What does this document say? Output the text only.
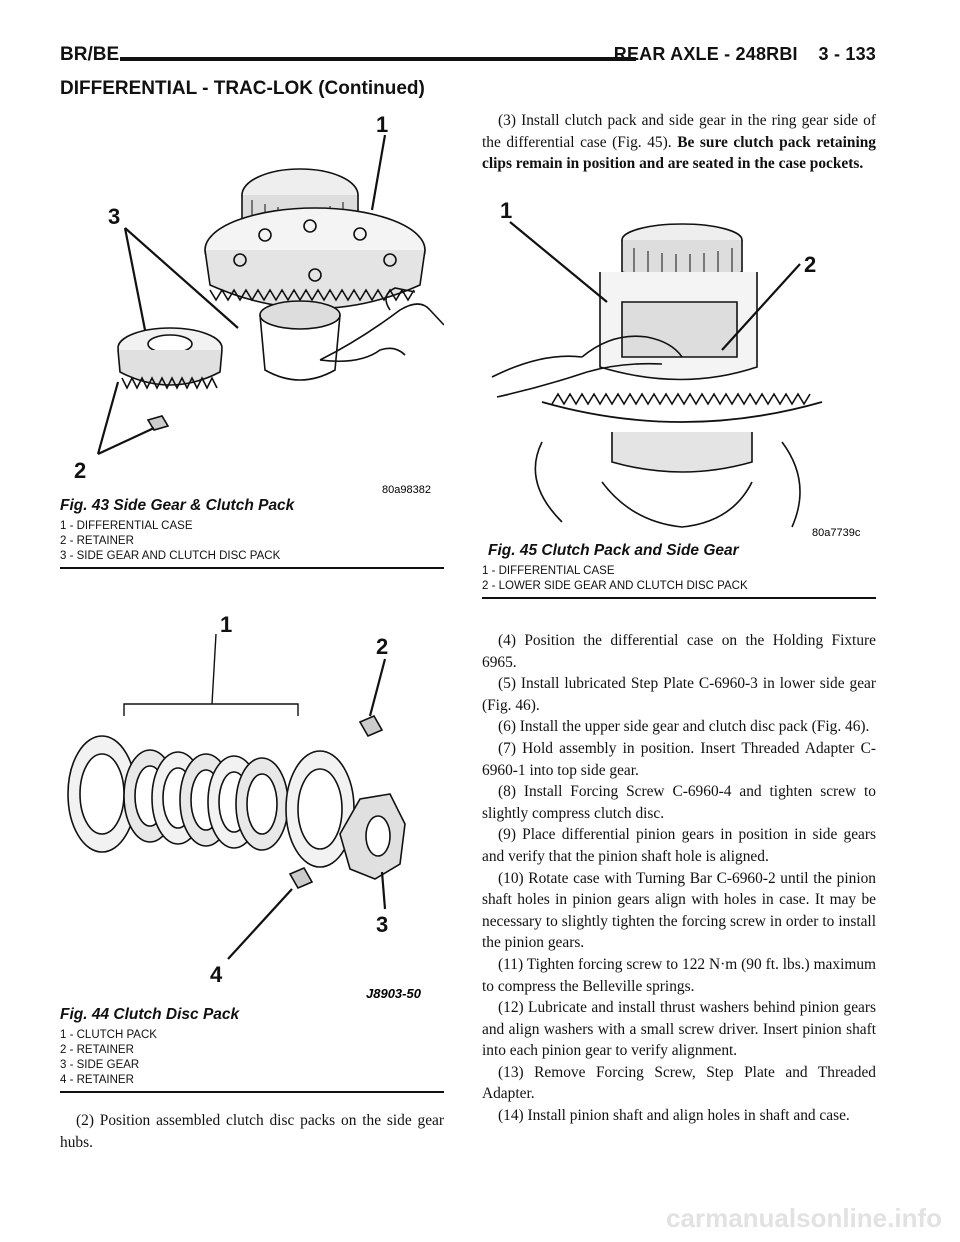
BR/BE	REAR AXLE - 248RBI    3 - 133
DIFFERENTIAL - TRAC-LOK (Continued)
1
3
2
80a98382
Fig. 43 Side Gear & Clutch Pack
1 - DIFFERENTIAL CASE
2 - RETAINER
3 - SIDE GEAR AND CLUTCH DISC PACK
1
2
3
4
J8903-50
Fig. 44 Clutch Disc Pack
1 - CLUTCH PACK
2 - RETAINER
3 - SIDE GEAR
4 - RETAINER

(2) Position assembled clutch disc packs on the side gear hubs.

(3) Install clutch pack and side gear in the ring gear side of the differential case (Fig. 45). Be sure clutch pack retaining clips remain in position and are seated in the case pockets.

1
2
80a7739c
Fig. 45 Clutch Pack and Side Gear
1 - DIFFERENTIAL CASE
2 - LOWER SIDE GEAR AND CLUTCH DISC PACK

(4) Position the differential case on the Holding Fixture 6965.

(5) Install lubricated Step Plate C-6960-3 in lower side gear (Fig. 46).

(6) Install the upper side gear and clutch disc pack (Fig. 46).

(7) Hold assembly in position. Insert Threaded Adapter C-6960-1 into top side gear.

(8) Install Forcing Screw C-6960-4 and tighten screw to slightly compress clutch disc.

(9) Place differential pinion gears in position in side gears and verify that the pinion shaft hole is aligned.

(10) Rotate case with Turning Bar C-6960-2 until the pinion shaft holes in pinion gears align with holes in case. It may be necessary to slightly tighten the forcing screw in order to install the pinion gears.

(11) Tighten forcing screw to 122 N·m (90 ft. lbs.) maximum to compress the Belleville springs.

(12) Lubricate and install thrust washers behind pinion gears and align washers with a small screw driver. Insert pinion shaft into each pinion gear to verify alignment.

(13) Remove Forcing Screw, Step Plate and Threaded Adapter.

(14) Install pinion shaft and align holes in shaft and case.

carmanualsonline.info
